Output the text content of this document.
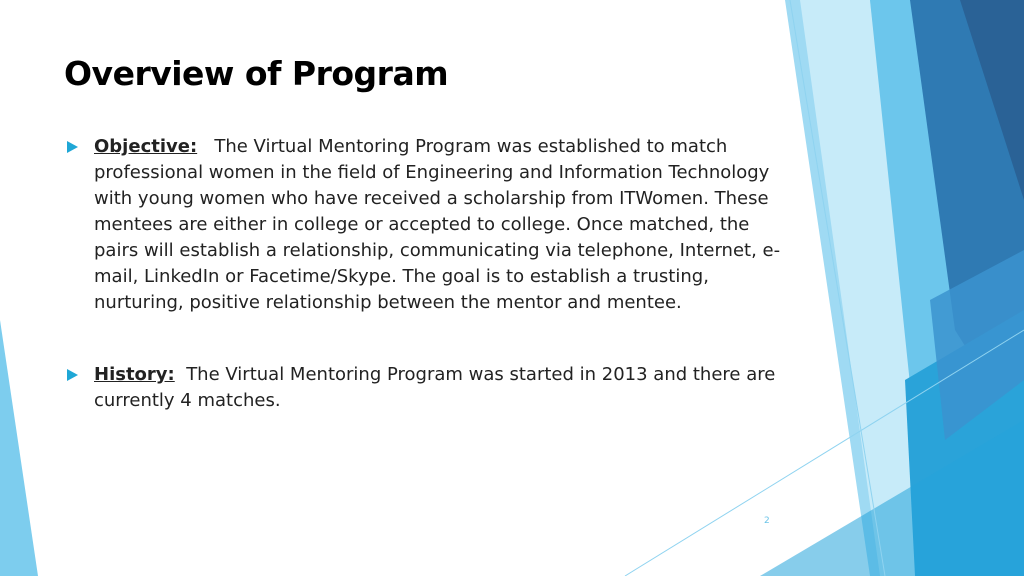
Overview of Program
Objective: The Virtual Mentoring Program was established to match professional women in the field of Engineering and Information Technology with young women who have received a scholarship from ITWomen. These mentees are either in college or accepted to college. Once matched, the pairs will establish a relationship, communicating via telephone, Internet, e-mail, LinkedIn or Facetime/Skype. The goal is to establish a trusting, nurturing, positive relationship between the mentor and mentee.
History: The Virtual Mentoring Program was started in 2013 and there are currently 4 matches.
2
